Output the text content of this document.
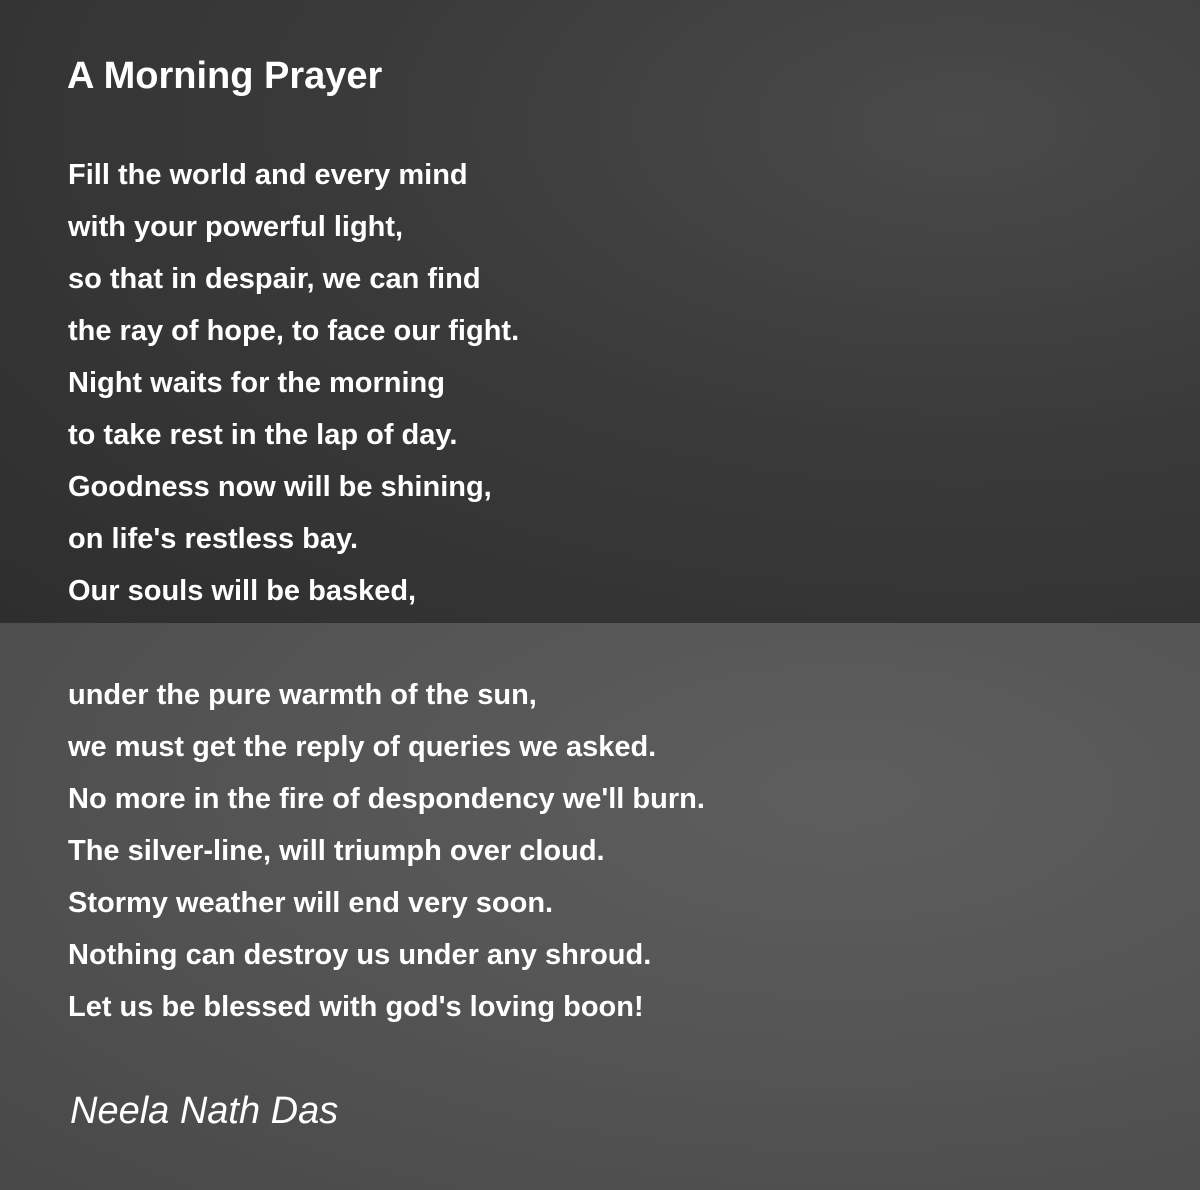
A Morning Prayer
Fill the world and every mind
with your powerful light,
so that in despair, we can find
the ray of hope, to face our fight.
Night waits for the morning
to take rest in the lap of day.
Goodness now will be shining,
on life's restless bay.
Our souls will be basked,
under the pure warmth of the sun,
we must get the reply of queries we asked.
No more in the fire of despondency we'll burn.
The silver-line, will triumph over cloud.
Stormy weather will end very soon.
Nothing can destroy us under any shroud.
Let us be blessed with god's loving boon!
Neela Nath Das
